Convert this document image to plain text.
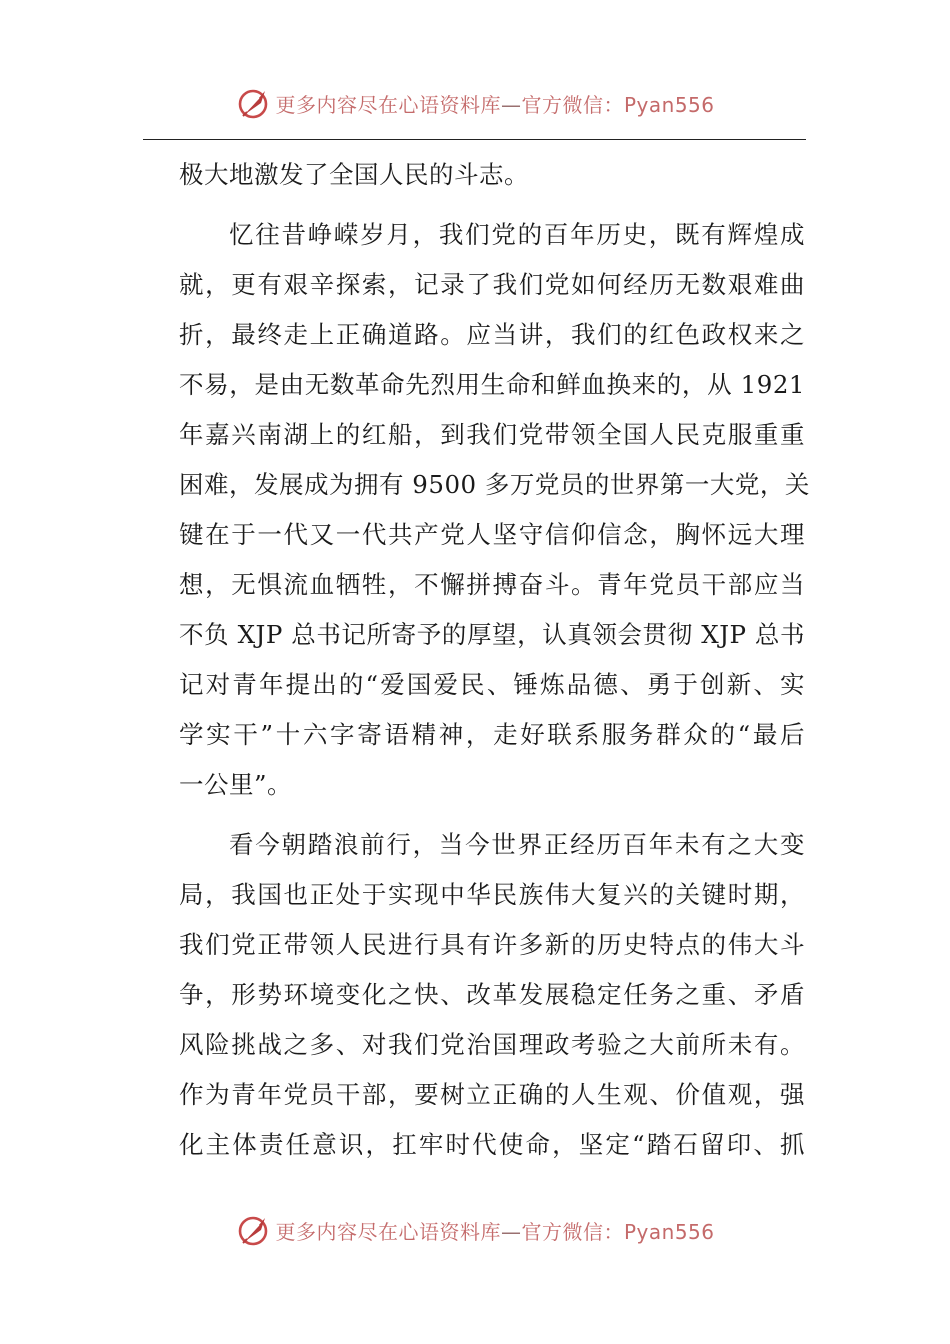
更多内容尽在心语资料库—官方微信：Pyan556
极大地激发了全国人民的斗志。
忆往昔峥嵘岁月，我们党的百年历史，既有辉煌成
就，更有艰辛探索，记录了我们党如何经历无数艰难曲
折，最终走上正确道路。应当讲，我们的红色政权来之
不易，是由无数革命先烈用生命和鲜血换来的，从 1921
年嘉兴南湖上的红船，到我们党带领全国人民克服重重
困难，发展成为拥有 9500 多万党员的世界第一大党，关
键在于一代又一代共产党人坚守信仰信念，胸怀远大理
想，无惧流血牺牲，不懈拼搏奋斗。青年党员干部应当
不负 XJP 总书记所寄予的厚望，认真领会贯彻 XJP 总书
记对青年提出的“爱国爱民、锤炼品德、勇于创新、实
学实干”十六字寄语精神，走好联系服务群众的“最后
一公里”。
看今朝踏浪前行，当今世界正经历百年未有之大变
局，我国也正处于实现中华民族伟大复兴的关键时期，
我们党正带领人民进行具有许多新的历史特点的伟大斗
争，形势环境变化之快、改革发展稳定任务之重、矛盾
风险挑战之多、对我们党治国理政考验之大前所未有。
作为青年党员干部，要树立正确的人生观、价值观，强
化主体责任意识，扛牢时代使命，坚定“踏石留印、抓
更多内容尽在心语资料库—官方微信：Pyan556
